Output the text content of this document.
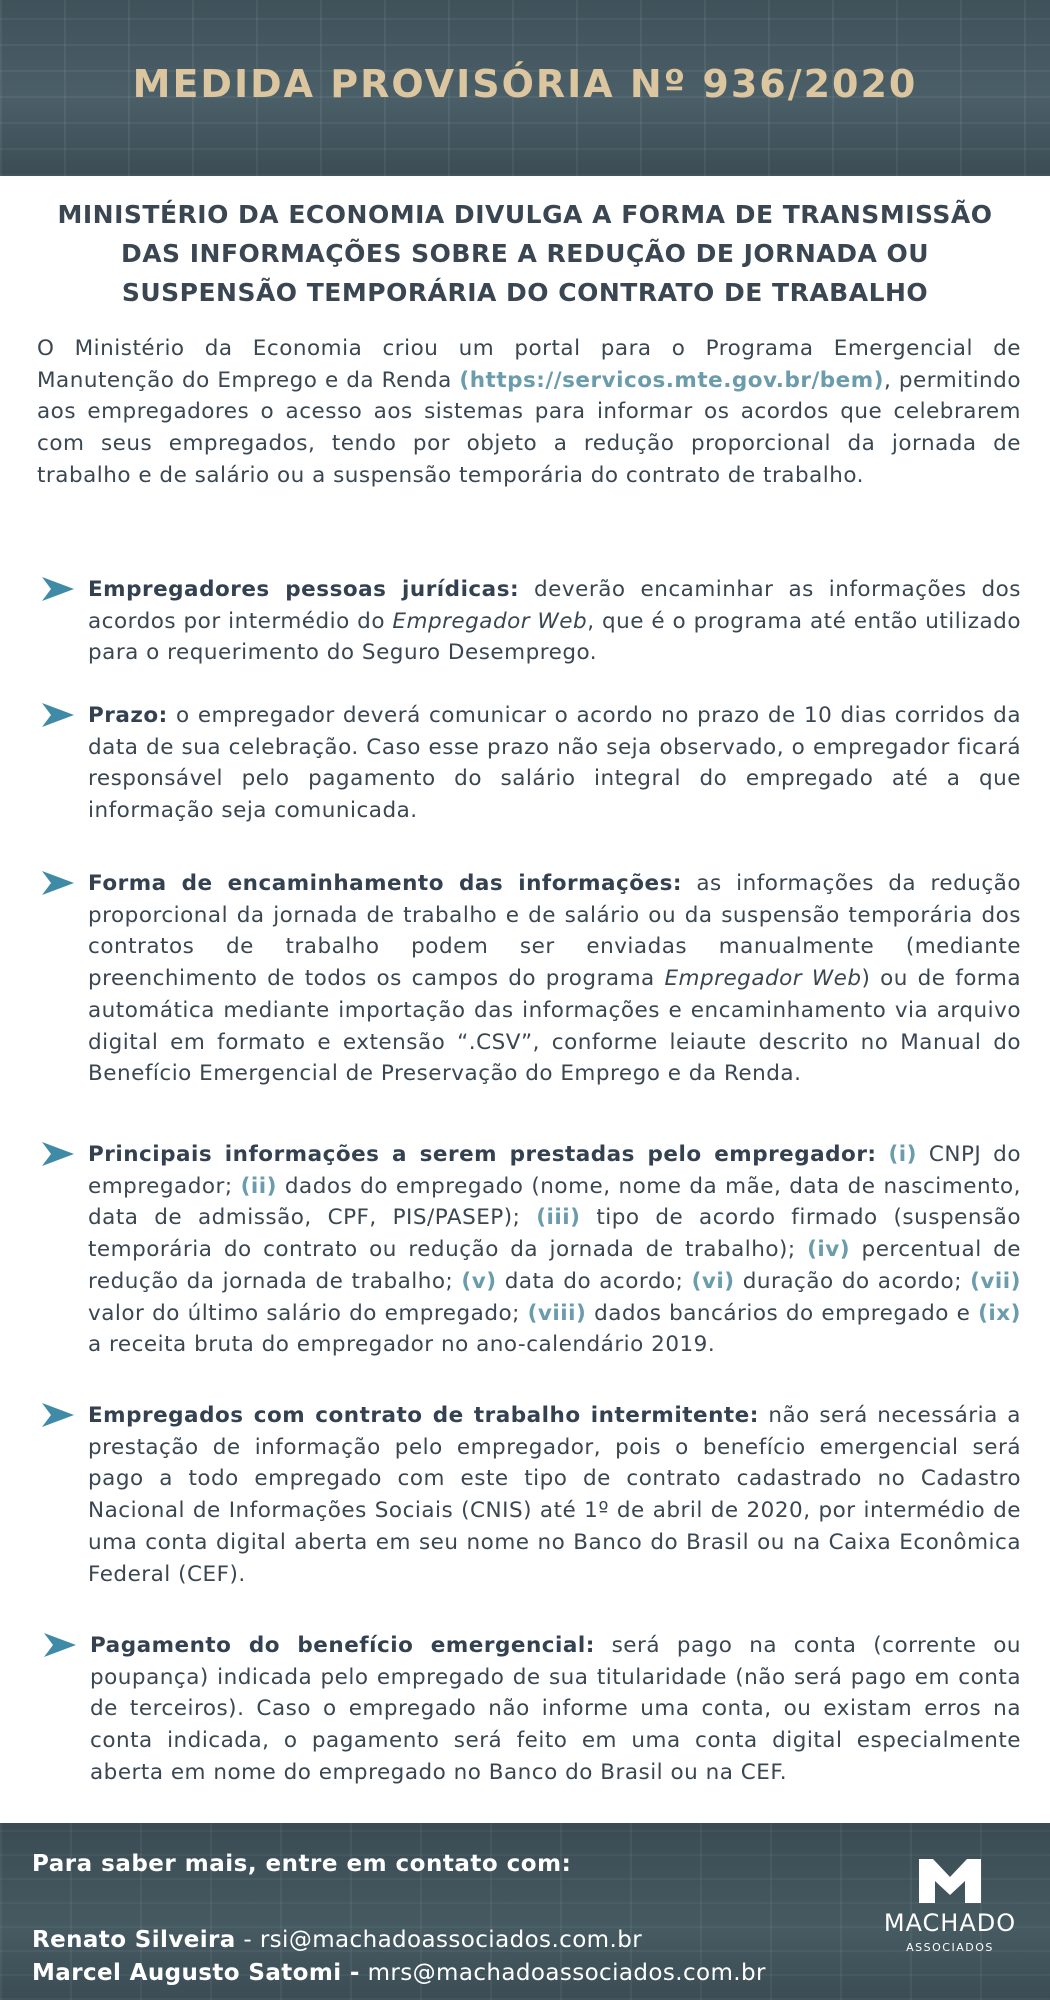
MEDIDA PROVISÓRIA Nº 936/2020
MINISTÉRIO DA ECONOMIA DIVULGA A FORMA DE TRANSMISSÃO DAS INFORMAÇÕES SOBRE A REDUÇÃO DE JORNADA OU SUSPENSÃO TEMPORÁRIA DO CONTRATO DE TRABALHO
O Ministério da Economia criou um portal para o Programa Emergencial de Manutenção do Emprego e da Renda (https://servicos.mte.gov.br/bem), permitindo aos empregadores o acesso aos sistemas para informar os acordos que celebrarem com seus empregados, tendo por objeto a redução proporcional da jornada de trabalho e de salário ou a suspensão temporária do contrato de trabalho.
Empregadores pessoas jurídicas: deverão encaminhar as informações dos acordos por intermédio do Empregador Web, que é o programa até então utilizado para o requerimento do Seguro Desemprego.
Prazo: o empregador deverá comunicar o acordo no prazo de 10 dias corridos da data de sua celebração. Caso esse prazo não seja observado, o empregador ficará responsável pelo pagamento do salário integral do empregado até a que informação seja comunicada.
Forma de encaminhamento das informações: as informações da redução proporcional da jornada de trabalho e de salário ou da suspensão temporária dos contratos de trabalho podem ser enviadas manualmente (mediante preenchimento de todos os campos do programa Empregador Web) ou de forma automática mediante importação das informações e encaminhamento via arquivo digital em formato e extensão “.CSV”, conforme leiaute descrito no Manual do Benefício Emergencial de Preservação do Emprego e da Renda.
Principais informações a serem prestadas pelo empregador: (i) CNPJ do empregador; (ii) dados do empregado (nome, nome da mãe, data de nascimento, data de admissão, CPF, PIS/PASEP); (iii) tipo de acordo firmado (suspensão temporária do contrato ou redução da jornada de trabalho); (iv) percentual de redução da jornada de trabalho; (v) data do acordo; (vi) duração do acordo; (vii) valor do último salário do empregado; (viii) dados bancários do empregado e (ix) a receita bruta do empregador no ano-calendário 2019.
Empregados com contrato de trabalho intermitente: não será necessária a prestação de informação pelo empregador, pois o benefício emergencial será pago a todo empregado com este tipo de contrato cadastrado no Cadastro Nacional de Informações Sociais (CNIS) até 1º de abril de 2020, por intermédio de uma conta digital aberta em seu nome no Banco do Brasil ou na Caixa Econômica Federal (CEF).
Pagamento do benefício emergencial: será pago na conta (corrente ou poupança) indicada pelo empregado de sua titularidade (não será pago em conta de terceiros). Caso o empregado não informe uma conta, ou existam erros na conta indicada, o pagamento será feito em uma conta digital especialmente aberta em nome do empregado no Banco do Brasil ou na CEF.
Para saber mais, entre em contato com:
Renato Silveira - rsi@machadoassociados.com.br
Marcel Augusto Satomi - mrs@machadoassociados.com.br
MACHADO
ASSOCIADOS
